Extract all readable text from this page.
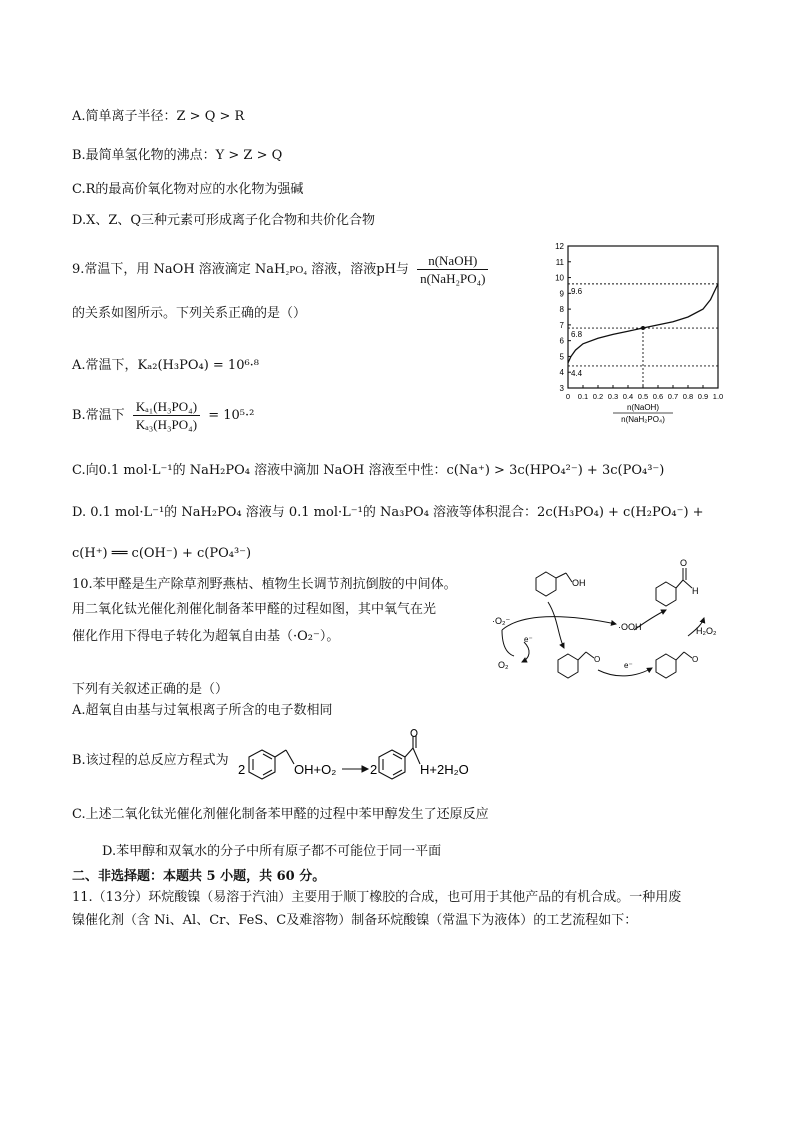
A.简单离子半径：Z > Q > R
B.最简单氢化物的沸点：Y > Z > Q
C.R的最高价氧化物对应的水化物为强碱
D.X、Z、Q三种元素可形成离子化合物和共价化合物
9.常温下，用 NaOH 溶液滴定 NaH₂PO₄ 溶液，溶液pH与 $\frac{\text{n(NaOH)}}{\text{n(NaH₂PO₄)}}$
的关系如图所示。下列关系正确的是（）
A.常温下，Kₐ₂(H₃PO₄) = 10⁶·⁸
B.常温下 $\frac{\text{Kₐ₁(H₃PO₄)}}{\text{Kₐ₃(H₃PO₄)}} = 10^5\cdot^2$
C.向0.1 mol·L⁻¹的 NaH₂PO₄ 溶液中滴加 NaOH 溶液至中性：c(Na⁺) > 3c(HPO₄²⁻) + 3c(PO₄³⁻)
D. 0.1 mol·L⁻¹的 NaH₂PO₄ 溶液与 0.1 mol·L⁻¹的 Na₃PO₄ 溶液等体积混合：2c(H₃PO₄) + c(H₂PO₄⁻) +
c(H⁺) ══ c(OH⁻) + c(PO₄³⁻)
3
4
5
6
7
8
9
10
11
12
0 0.1 0.2 0.3 0.4 0.5 0.6 0.7 0.8 0.9 1.0
9.6
6.8
4.4
n(NaOH)
n(NaH₂PO₄)
10.苯甲醛是生产除草剂野燕枯、植物生长调节剂抗倒胺的中间体。
用二氧化钛光催化剂催化制备苯甲醛的过程如图，其中氧气在光
催化作用下得电子转化为超氧自由基（·O₂⁻）。
下列有关叙述正确的是（）
A.超氧自由基与过氧根离子所含的电子数相同
B.该过程的总反应方程式为
2	OH+O₂	2	H+2H₂O
C.上述二氧化钛光催化剂催化制备苯甲醛的过程中苯甲醇发生了还原反应
D.苯甲醇和双氧水的分子中所有原子都不可能位于同一平面
OH
·O₂⁻
e⁻
O₂
·OOH
H
O
O
e⁻
O
H₂O₂
二、非选择题：本题共 5 小题，共 60 分。
11.（13分）环烷酸镍（易溶于汽油）主要用于顺丁橡胶的合成，也可用于其他产品的有机合成。一种用废
镍催化剂（含 Ni、Al、Cr、FeS、C及难溶物）制备环烷酸镍（常温下为液体）的工艺流程如下：
